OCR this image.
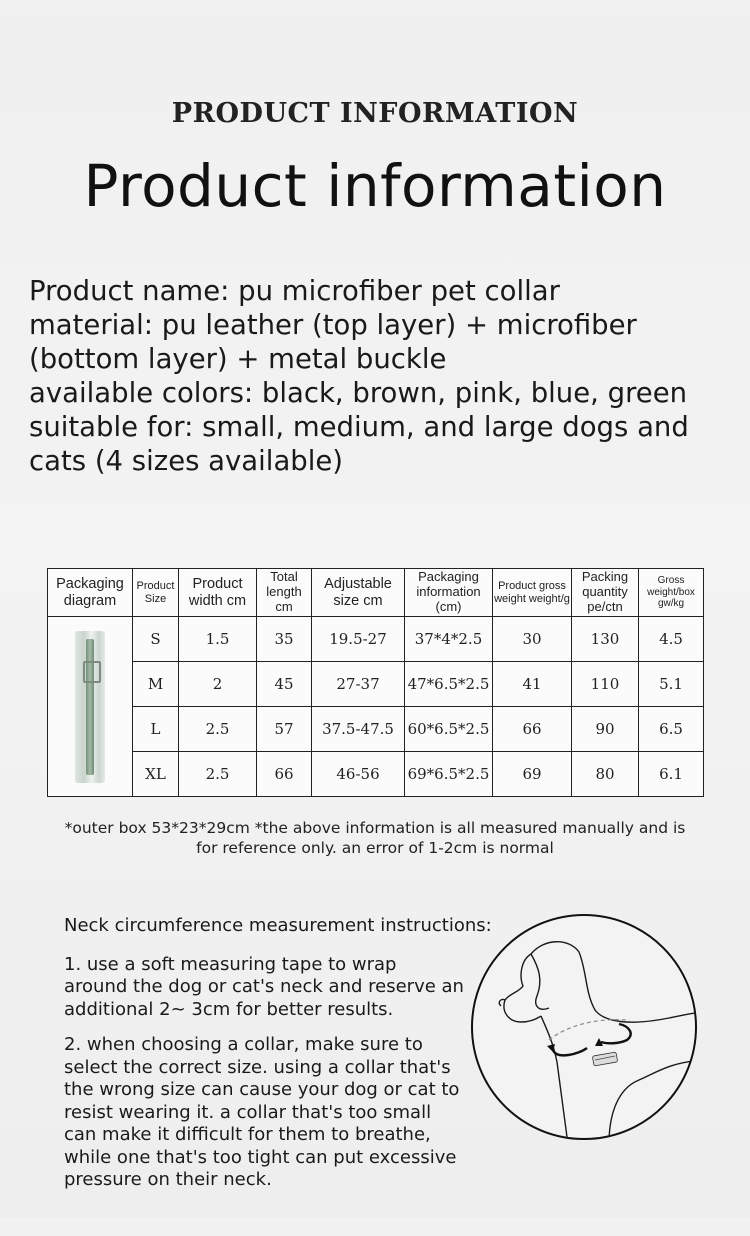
PRODUCT INFORMATION
Product information
Product name: pu microfiber pet collar
material: pu leather (top layer) + microfiber
(bottom layer) + metal buckle
available colors: black, brown, pink, blue, green
suitable for: small, medium, and large dogs and
cats (4 sizes available)
Packaging diagram	Product Size	Product width cm	Total length cm	Adjustable size cm	Packaging information (cm)	Product gross weight weight/g	Packing quantity pe/ctn	Gross weight/box gw/kg

	S	1.5	35	19.5-27	37*4*2.5	30	130	4.5
	M	2	45	27-37	47*6.5*2.5	41	110	5.1
	L	2.5	57	37.5-47.5	60*6.5*2.5	66	90	6.5
	XL	2.5	66	46-56	69*6.5*2.5	69	80	6.1
*outer box 53*23*29cm *the above information is all measured manually and is
for reference only. an error of 1-2cm is normal
Neck circumference measurement instructions:

1. use a soft measuring tape to wrap around the dog or cat's neck and reserve an additional 2~ 3cm for better results.

2. when choosing a collar, make sure to select the correct size. using a collar that's the wrong size can cause your dog or cat to resist wearing it. a collar that's too small can make it difficult for them to breathe, while one that's too tight can put excessive pressure on their neck.
